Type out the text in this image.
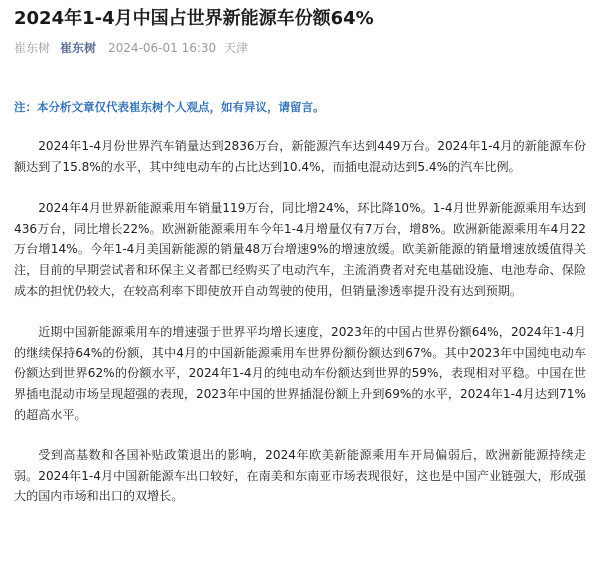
2024年1-4月中国占世界新能源车份额64%
崔东树 崔东树 2024-06-01 16:30 天津
注：本分析文章仅代表崔东树个人观点，如有异议，请留言。

2024年1-4月份世界汽车销量达到2836万台，新能源汽车达到449万台。2024年1-4月的新能源车份额达到了15.8%的水平，其中纯电动车的占比达到10.4%，而插电混动达到5.4%的汽车比例。

2024年4月世界新能源乘用车销量119万台，同比增24%，环比降10%。1-4月世界新能源乘用车达到436万台，同比增长22%。欧洲新能源乘用车今年1-4月增量仅有7万台，增8%。欧洲新能源乘用车4月22万台增14%。今年1-4月美国新能源的销量48万台增速9%的增速放缓。欧美新能源的销量增速放缓值得关注，目前的早期尝试者和环保主义者都已经购买了电动汽车，主流消费者对充电基础设施、电池寿命、保险成本的担忧仍较大，在较高利率下即使放开自动驾驶的使用，但销量渗透率提升没有达到预期。

近期中国新能源乘用车的增速强于世界平均增长速度，2023年的中国占世界份额64%，2024年1-4月的继续保持64%的份额，其中4月的中国新能源乘用车世界份额份额达到67%。其中2023年中国纯电动车份额达到世界62%的份额水平，2024年1-4月的纯电动车份额达到世界的59%，表现相对平稳。中国在世界插电混动市场呈现超强的表现，2023年中国的世界插混份额上升到69%的水平，2024年1-4月达到71%的超高水平。

受到高基数和各国补贴政策退出的影响，2024年欧美新能源乘用车开局偏弱后，欧洲新能源持续走弱。2024年1-4月中国新能源车出口较好，在南美和东南亚市场表现很好，这也是中国产业链强大，形成强大的国内市场和出口的双增长。
